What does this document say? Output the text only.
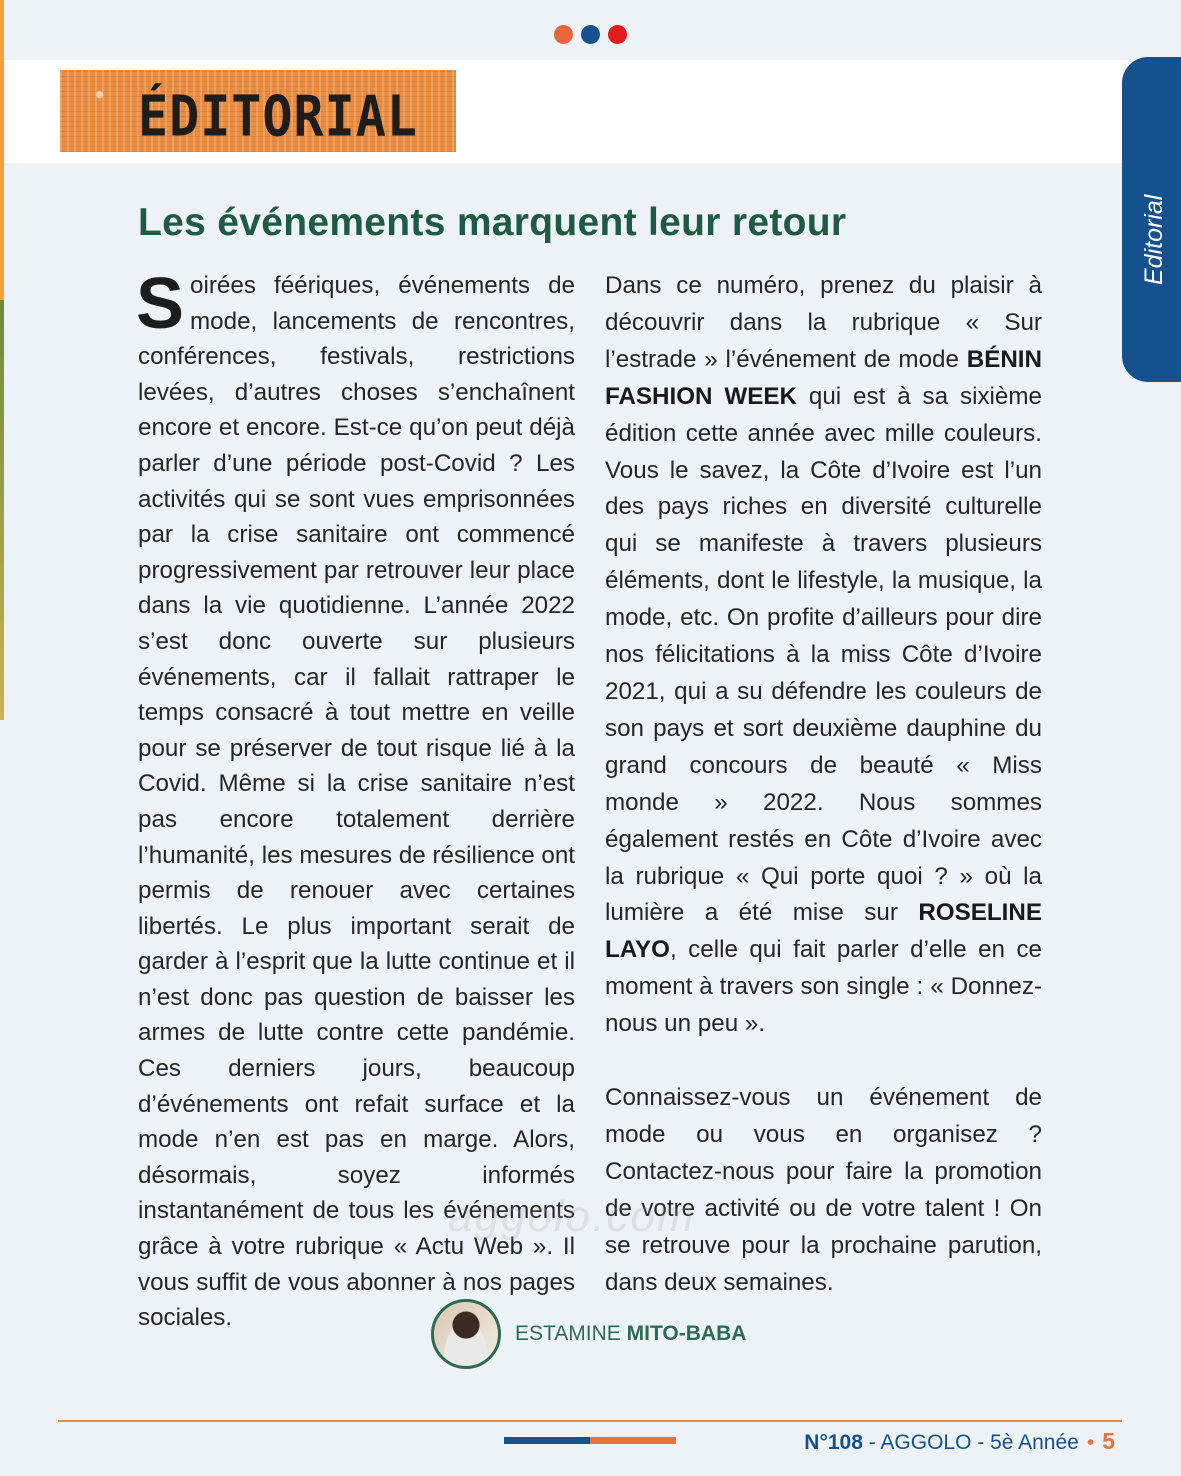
ÉDITORIAL
Editorial
Les événements marquent leur retour
Soirées féériques, événements de mode, lancements de rencontres, conférences, festivals, restrictions levées, d’autres choses s’enchaînent encore et encore. Est-ce qu’on peut déjà parler d’une période post-Covid ? Les activités qui se sont vues emprisonnées par la crise sanitaire ont commencé progressivement par retrouver leur place dans la vie quotidienne. L’année 2022 s’est donc ouverte sur plusieurs événements, car il fallait rattraper le temps consacré à tout mettre en veille pour se préserver de tout risque lié à la Covid. Même si la crise sanitaire n’est pas encore totalement derrière l’humanité, les mesures de résilience ont permis de renouer avec certaines libertés. Le plus important serait de garder à l’esprit que la lutte continue et il n’est donc pas question de baisser les armes de lutte contre cette pandémie. Ces derniers jours, beaucoup d’événements ont refait surface et la mode n’en est pas en marge. Alors, désormais, soyez informés instantanément de tous les événements grâce à votre rubrique « Actu Web ». Il vous suffit de vous abonner à nos pages sociales.

Dans ce numéro, prenez du plaisir à découvrir dans la rubrique « Sur l’estrade » l’événement de mode BÉNIN FASHION WEEK qui est à sa sixième édition cette année avec mille couleurs. Vous le savez, la Côte d’Ivoire est l’un des pays riches en diversité culturelle qui se manifeste à travers plusieurs éléments, dont le lifestyle, la musique, la mode, etc. On profite d’ailleurs pour dire nos félicitations à la miss Côte d’Ivoire 2021, qui a su défendre les couleurs de son pays et sort deuxième dauphine du grand concours de beauté « Miss monde » 2022. Nous sommes également restés en Côte d’Ivoire avec la rubrique « Qui porte quoi ? » où la lumière a été mise sur ROSELINE LAYO, celle qui fait parler d’elle en ce moment à travers son single : « Donnez-nous un peu ».

Connaissez-vous un événement de mode ou vous en organisez ? Contactez-nous pour faire la promotion de votre activité ou de votre talent ! On se retrouve pour la prochaine parution, dans deux semaines.

aggolo.com
ESTAMINE MITO-BABA
N°108 - AGGOLO - 5è Année • 5
